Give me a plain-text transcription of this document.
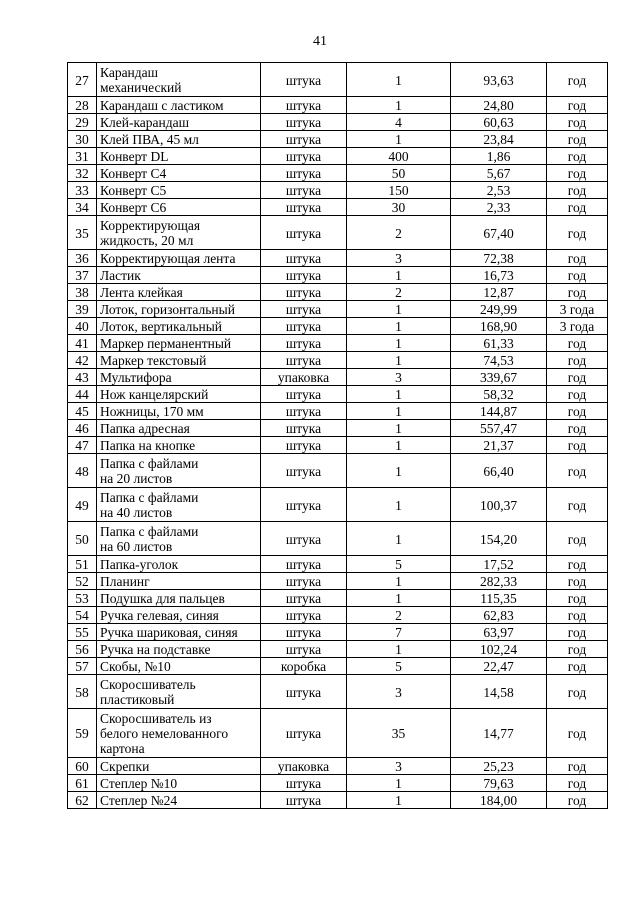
41
27	Карандаш
механический	штука	1	93,63	год
28	Карандаш с ластиком	штука	1	24,80	год
29	Клей-карандаш	штука	4	60,63	год
30	Клей ПВА, 45 мл	штука	1	23,84	год
31	Конверт DL	штука	400	1,86	год
32	Конверт С4	штука	50	5,67	год
33	Конверт С5	штука	150	2,53	год
34	Конверт С6	штука	30	2,33	год
35	Корректирующая
жидкость, 20 мл	штука	2	67,40	год
36	Корректирующая лента	штука	3	72,38	год
37	Ластик	штука	1	16,73	год
38	Лента клейкая	штука	2	12,87	год
39	Лоток, горизонтальный	штука	1	249,99	3 года
40	Лоток, вертикальный	штука	1	168,90	3 года
41	Маркер перманентный	штука	1	61,33	год
42	Маркер текстовый	штука	1	74,53	год
43	Мультифора	упаковка	3	339,67	год
44	Нож канцелярский	штука	1	58,32	год
45	Ножницы, 170 мм	штука	1	144,87	год
46	Папка адресная	штука	1	557,47	год
47	Папка на кнопке	штука	1	21,37	год
48	Папка с файлами
на 20 листов	штука	1	66,40	год
49	Папка с файлами
на 40 листов	штука	1	100,37	год
50	Папка с файлами
на 60 листов	штука	1	154,20	год
51	Папка-уголок	штука	5	17,52	год
52	Планинг	штука	1	282,33	год
53	Подушка для пальцев	штука	1	115,35	год
54	Ручка гелевая, синяя	штука	2	62,83	год
55	Ручка шариковая, синяя	штука	7	63,97	год
56	Ручка на подставке	штука	1	102,24	год
57	Скобы, №10	коробка	5	22,47	год
58	Скоросшиватель
пластиковый	штука	3	14,58	год
59	Скоросшиватель из
белого немелованного
картона	штука	35	14,77	год
60	Скрепки	упаковка	3	25,23	год
61	Степлер №10	штука	1	79,63	год
62	Степлер №24	штука	1	184,00	год
